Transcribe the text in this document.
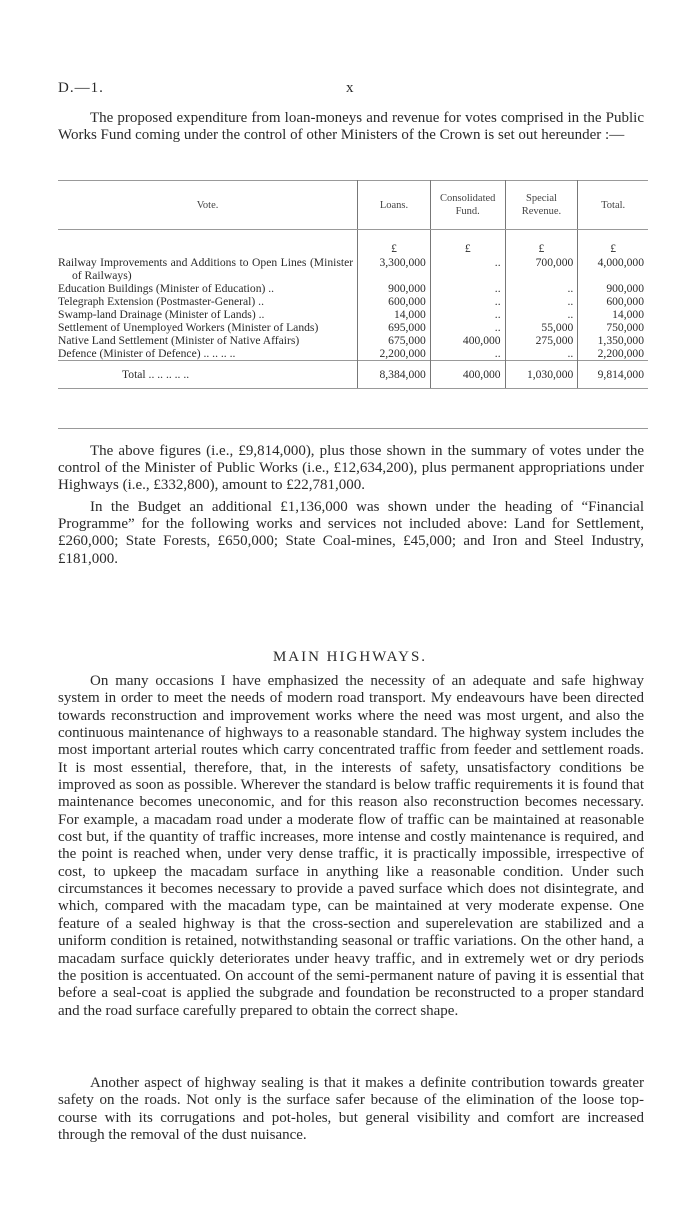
D.—1.	x

The proposed expenditure from loan-moneys and revenue for votes comprised in the Public Works Fund coming under the control of other Ministers of the Crown is set out hereunder :—

Vote.	Loans.	Consolidated Fund.	Special Revenue.	Total.
	£	£	£	£
Railway Improvements and Additions to Open Lines (Minister of Railways)	3,300,000	..	700,000	4,000,000
Education Buildings (Minister of Education) ..	900,000	..	..	900,000
Telegraph Extension (Postmaster-General) ..	600,000	..	..	600,000
Swamp-land Drainage (Minister of Lands) ..	14,000	..	..	14,000
Settlement of Unemployed Workers (Minister of Lands)	695,000	..	55,000	750,000
Native Land Settlement (Minister of Native Affairs)	675,000	400,000	275,000	1,350,000
Defence (Minister of Defence) .. .. .. ..	2,200,000	..	..	2,200,000
Total .. .. .. .. ..	8,384,000	400,000	1,030,000	9,814,000

The above figures (i.e., £9,814,000), plus those shown in the summary of votes under the control of the Minister of Public Works (i.e., £12,634,200), plus permanent appropriations under Highways (i.e., £332,800), amount to £22,781,000.

In the Budget an additional £1,136,000 was shown under the heading of “Financial Programme” for the following works and services not included above: Land for Settlement, £260,000; State Forests, £650,000; State Coal-mines, £45,000; and Iron and Steel Industry, £181,000.

MAIN HIGHWAYS.

On many occasions I have emphasized the necessity of an adequate and safe highway system in order to meet the needs of modern road transport. My endeavours have been directed towards reconstruction and improvement works where the need was most urgent, and also the continuous maintenance of highways to a reasonable standard. The highway system includes the most important arterial routes which carry concentrated traffic from feeder and settlement roads. It is most essential, therefore, that, in the interests of safety, unsatisfactory conditions be improved as soon as possible. Wherever the standard is below traffic requirements it is found that maintenance becomes uneconomic, and for this reason also reconstruction becomes necessary. For example, a macadam road under a moderate flow of traffic can be maintained at reasonable cost but, if the quantity of traffic increases, more intense and costly maintenance is required, and the point is reached when, under very dense traffic, it is practically impossible, irrespective of cost, to upkeep the macadam surface in anything like a reasonable condition. Under such circumstances it becomes necessary to provide a paved surface which does not disintegrate, and which, compared with the macadam type, can be maintained at very moderate expense. One feature of a sealed highway is that the cross-section and superelevation are stabilized and a uniform condition is retained, notwithstanding seasonal or traffic variations. On the other hand, a macadam surface quickly deteriorates under heavy traffic, and in extremely wet or dry periods the position is accentuated. On account of the semi-permanent nature of paving it is essential that before a seal-coat is applied the subgrade and foundation be reconstructed to a proper standard and the road surface carefully prepared to obtain the correct shape.

Another aspect of highway sealing is that it makes a definite contribution towards greater safety on the roads. Not only is the surface safer because of the elimination of the loose top-course with its corrugations and pot-holes, but general visibility and comfort are increased through the removal of the dust nuisance.
